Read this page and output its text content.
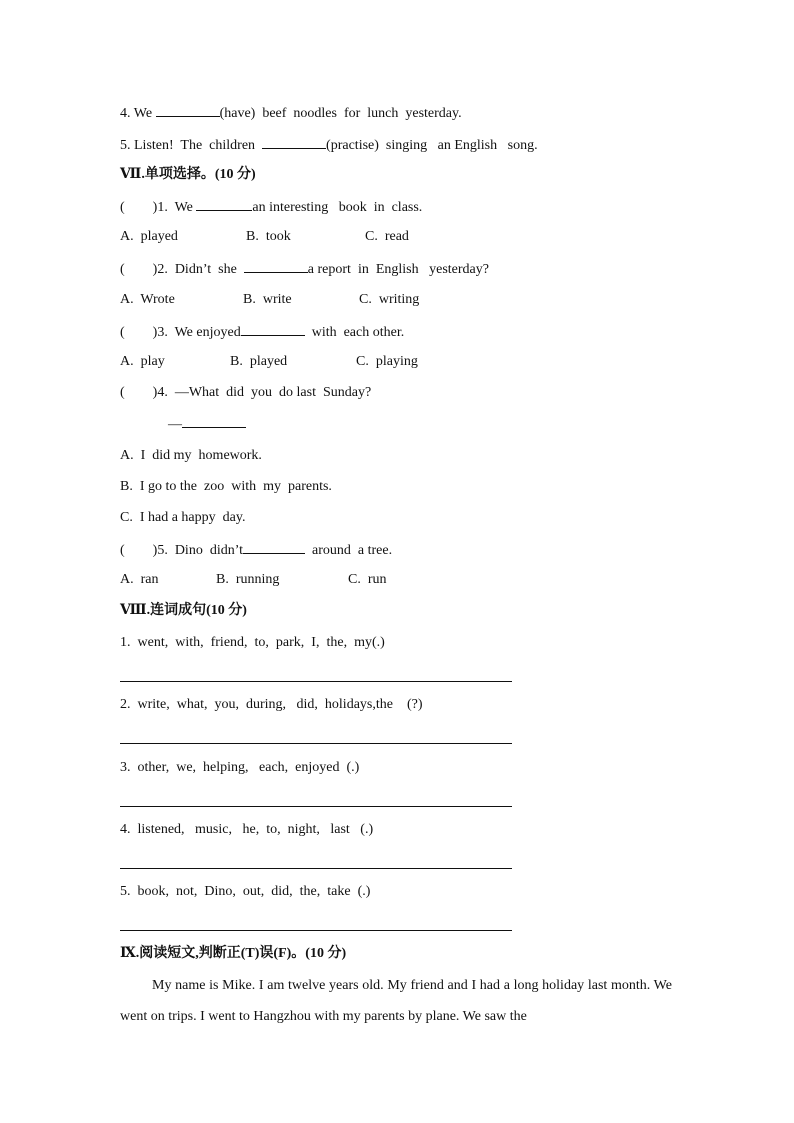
4. We	(have)  beef  noodles  for  lunch  yesterday.
5. Listen!  The  children	(practise)  singing   an English   song.
Ⅶ.单项选择。(10 分)
(        )1.  We	an interesting   book  in  class.
A.  played	B.  took	C.  read
(        )2.  Didn’t  she	a report  in  English   yesterday?
A.  Wrote	B.  write	C.  writing
(        )3.  We enjoyed	with  each other.
A.  play	B.  played	C.  playing
(        )4.  —What  did  you  do last  Sunday?
—
A.  I  did my  homework.
B.  I go to the  zoo  with  my  parents.
C.  I had a happy  day.
(        )5.  Dino  didn’t	around  a tree.
A.  ran	B.  running	C.  run
Ⅷ.连词成句(10 分)
1.  went,  with,  friend,  to,  park,  I,  the,  my(.)
2.  write,  what,  you,  during,   did,  holidays,the    (?)
3.  other,  we,  helping,   each,  enjoyed  (.)
4.  listened,   music,   he,  to,  night,   last   (.)
5.  book,  not,  Dino,  out,  did,  the,  take  (.)
Ⅸ.阅读短文,判断正(T)误(F)。(10 分)
My name is Mike. I am twelve years old. My friend and I had a long holiday last month. We went on trips. I went to Hangzhou with my parents by plane. We saw the
